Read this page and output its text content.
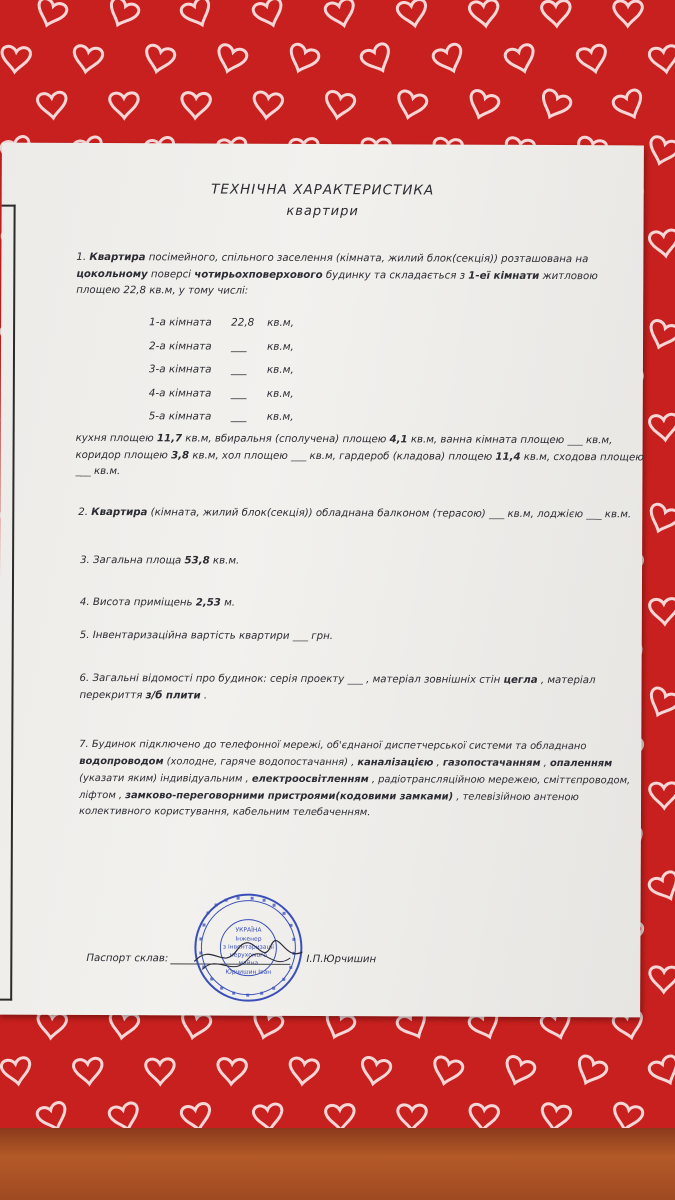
ТЕХНІЧНА ХАРАКТЕРИСТИКА
квартири
1. Квартира посімейного, спільного заселення (кімната, жилий блок(секція)) розташована на
цокольному поверсі чотирьохповерхового будинку та складається з 1-еї кімнати житловою
площею 22,8 кв.м, у тому числі:
1-а кімната 22,8 кв.м,
2-а кімната ___ кв.м,
3-а кімната ___ кв.м,
4-а кімната ___ кв.м,
5-а кімната ___ кв.м,
кухня площею 11,7 кв.м, вбиральня (сполучена) площею 4,1 кв.м, ванна кімната площею ___ кв.м,
коридор площею 3,8 кв.м, хол площею ___ кв.м, гардероб (кладова) площею 11,4 кв.м, сходова площею
___ кв.м.
2. Квартира (кімната, жилий блок(секція)) обладнана балконом (терасою) ___ кв.м, лоджією ___ кв.м.
3. Загальна площа 53,8 кв.м.
4. Висота приміщень 2,53 м.
5. Інвентаризаційна вартість квартири ___ грн.
6. Загальні відомості про будинок: серія проекту ___ , матеріал зовнішніх стін цегла , матеріал
перекриття з/б плити .
7. Будинок підключено до телефонної мережі, об'єднаної диспетчерської системи та обладнано
водопроводом (холодне, гаряче водопостачання) , каналізацією , газопостачанням , опаленням
(указати яким) індивідуальним , електроосвітленням , радіотрансляційною мережею, сміттєпроводом,
ліфтом , замково-переговорними пристроями(кодовими замками) , телевізійною антеною
колективного користування, кабельним телебаченням.
Паспорт склав:	І.П.Юрчишин
УКРАЇНА
Інженер
з інвентаризації
нерухомого
майна
Юрчишин Іван
